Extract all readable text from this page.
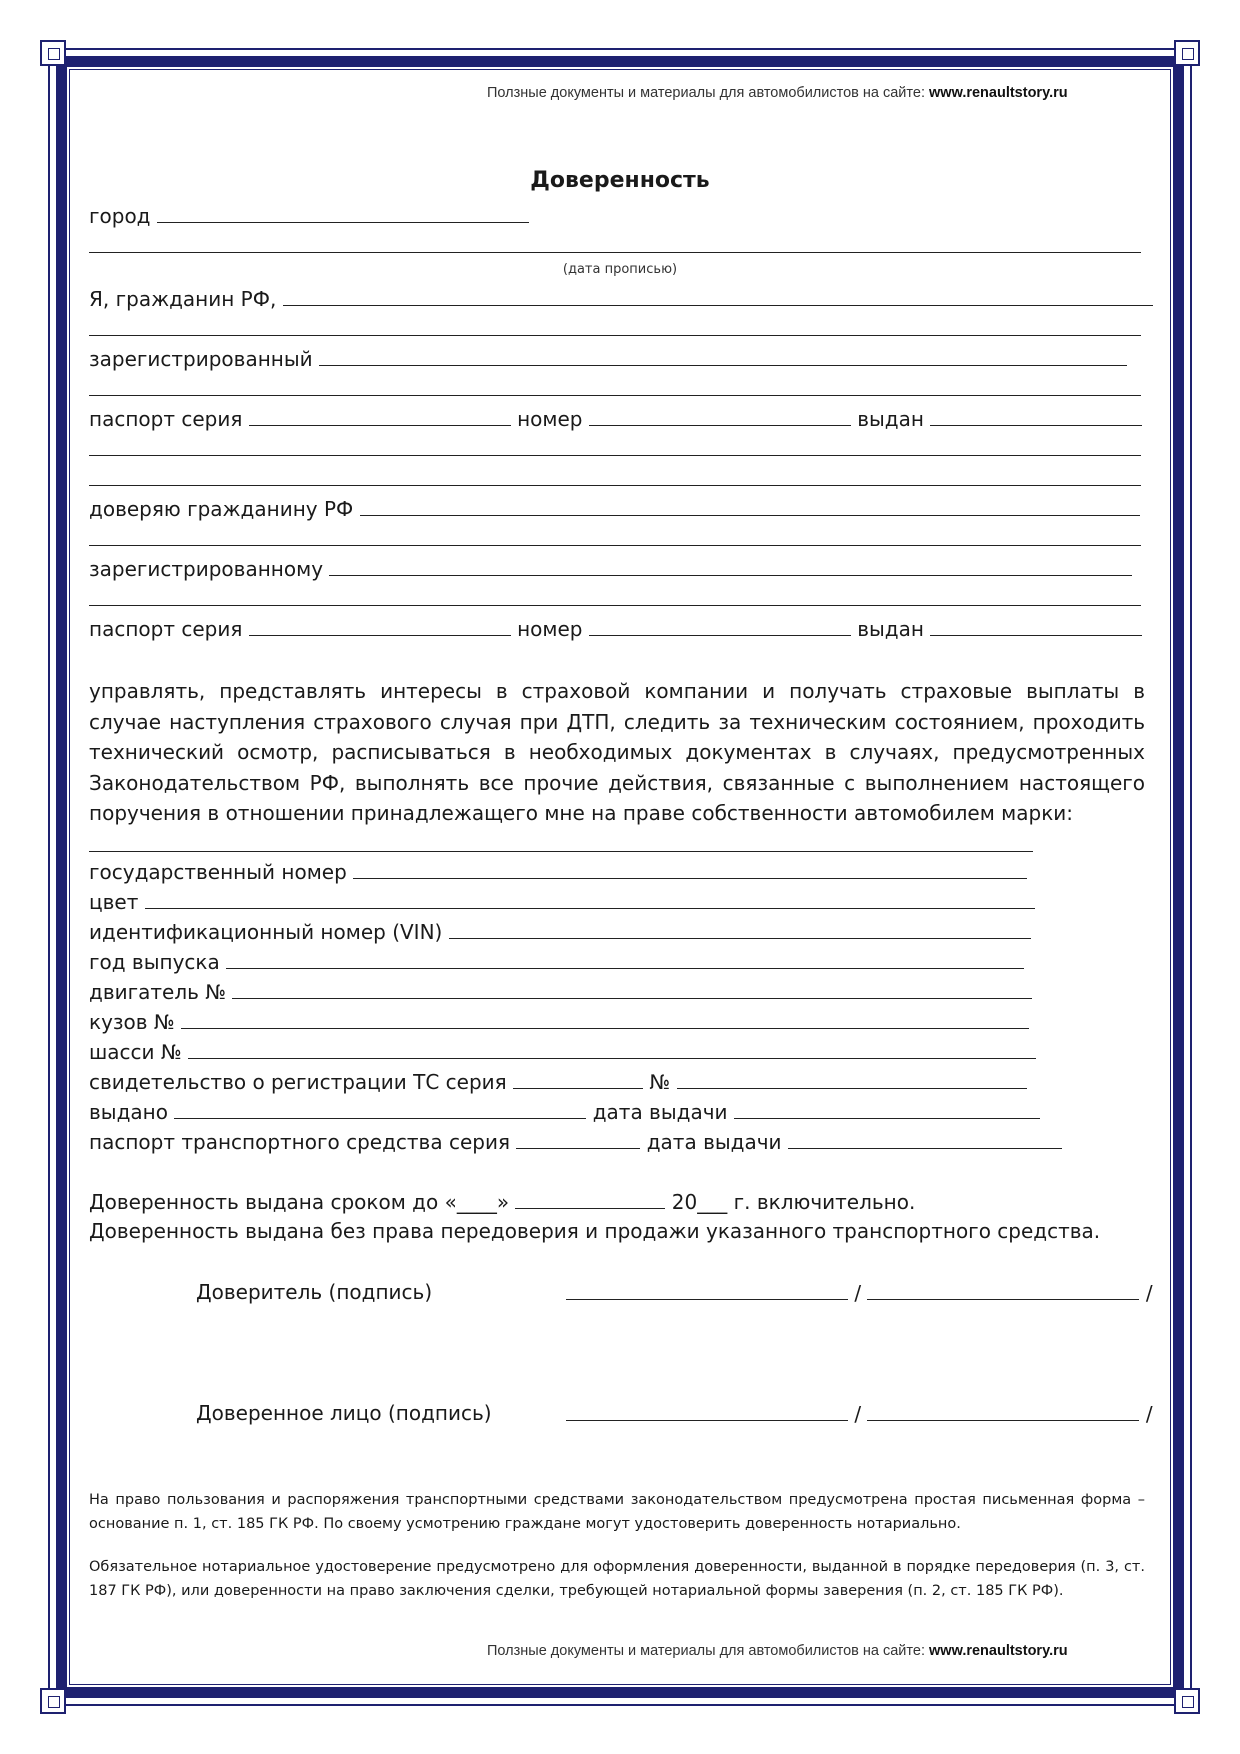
Ползные документы и материалы для автомобилистов на сайте: www.renaultstory.ru
Доверенность
город
(дата прописью)
Я, гражданин РФ,
зарегистрированный
паспорт серия	номер	выдан
доверяю гражданину РФ
зарегистрированному
паспорт серия	номер	выдан
управлять, представлять интересы в страховой компании и получать страховые выплаты в случае наступления страхового случая при ДТП, следить за техническим состоянием, проходить технический осмотр, расписываться в необходимых документах в случаях, предусмотренных Законодательством РФ, выполнять все прочие действия, связанные с выполнением настоящего поручения в отношении принадлежащего мне на праве собственности автомобилем марки:
государственный номер
цвет
идентификационный номер (VIN)
год выпуска
двигатель №
кузов №
шасси №
свидетельство о регистрации ТС серия	№
выдано	дата выдачи
паспорт транспортного средства серия	дата выдачи
Доверенность выдана сроком до «____»	20___ г. включительно.
Доверенность выдана без права передоверия и продажи указанного транспортного средства.
Доверитель (подпись)	/	/
Доверенное лицо (подпись)	/	/
На право пользования и распоряжения транспортными средствами законодательством предусмотрена простая письменная форма – основание п. 1, ст. 185 ГК РФ. По своему усмотрению граждане могут удостоверить доверенность нотариально.
Обязательное нотариальное удостоверение предусмотрено для оформления доверенности, выданной в порядке передоверия (п. 3, ст. 187 ГК РФ), или доверенности на право заключения сделки, требующей нотариальной формы заверения (п. 2, ст. 185 ГК РФ).
Ползные документы и материалы для автомобилистов на сайте: www.renaultstory.ru
